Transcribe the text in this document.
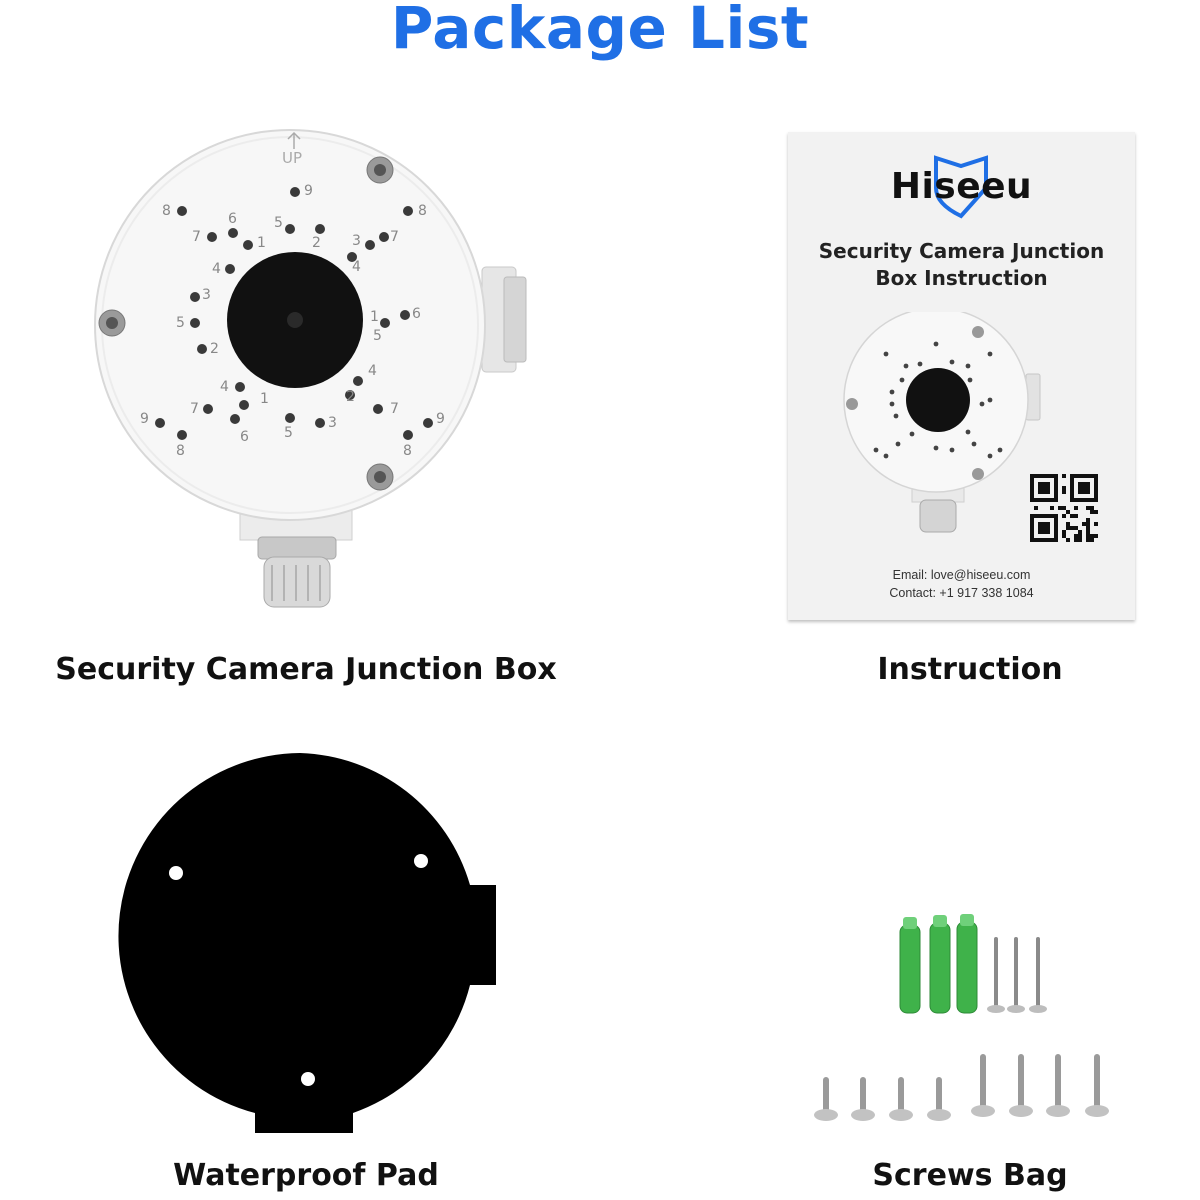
Package List
UP
9
8	8
7
6
1
5
2 3 7
4
4
3
5	1
5
6
2
4
4
1	2
7	7
9
5
3
6
9
8	8
Security Camera Junction Box
Hiseeu
Security Camera Junction
Box Instruction
Email: love@hiseeu.com
Contact: +1 917 338 1084
Instruction
Waterproof Pad	Screws Bag
